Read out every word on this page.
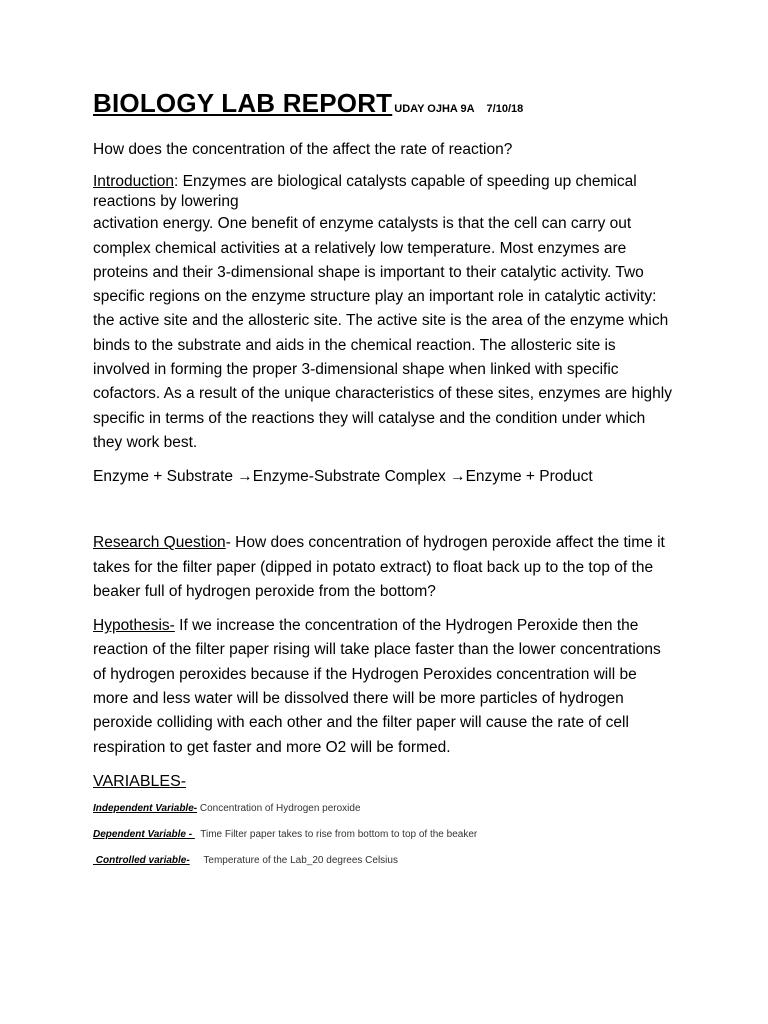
BIOLOGY LAB REPORT UDAY OJHA 9A 7/10/18

How does the concentration of the affect the rate of reaction?

Introduction: Enzymes are biological catalysts capable of speeding up chemical reactions by lowering

activation energy. One benefit of enzyme catalysts is that the cell can carry out complex chemical activities at a relatively low temperature. Most enzymes are proteins and their 3-dimensional shape is important to their catalytic activity. Two specific regions on the enzyme structure play an important role in catalytic activity: the active site and the allosteric site. The active site is the area of the enzyme which binds to the substrate and aids in the chemical reaction. The allosteric site is involved in forming the proper 3-dimensional shape when linked with specific cofactors. As a result of the unique characteristics of these sites, enzymes are highly specific in terms of the reactions they will catalyse and the condition under which they work best.

Enzyme + Substrate →Enzyme-Substrate Complex →Enzyme + Product

Research Question- How does concentration of hydrogen peroxide affect the time it takes for the filter paper (dipped in potato extract) to float back up to the top of the beaker full of hydrogen peroxide from the bottom?

Hypothesis- If we increase the concentration of the Hydrogen Peroxide then the reaction of the filter paper rising will take place faster than the lower concentrations of hydrogen peroxides because if the Hydrogen Peroxides concentration will be more and less water will be dissolved there will be more particles of hydrogen peroxide colliding with each other and the filter paper will cause the rate of cell respiration to get faster and more O2 will be formed.

VARIABLES-
Independent Variable- Concentration of Hydrogen peroxide
Dependent Variable -   Time Filter paper takes to rise from bottom to top of the beaker
Controlled variable-     Temperature of the Lab_20 degrees Celsius
